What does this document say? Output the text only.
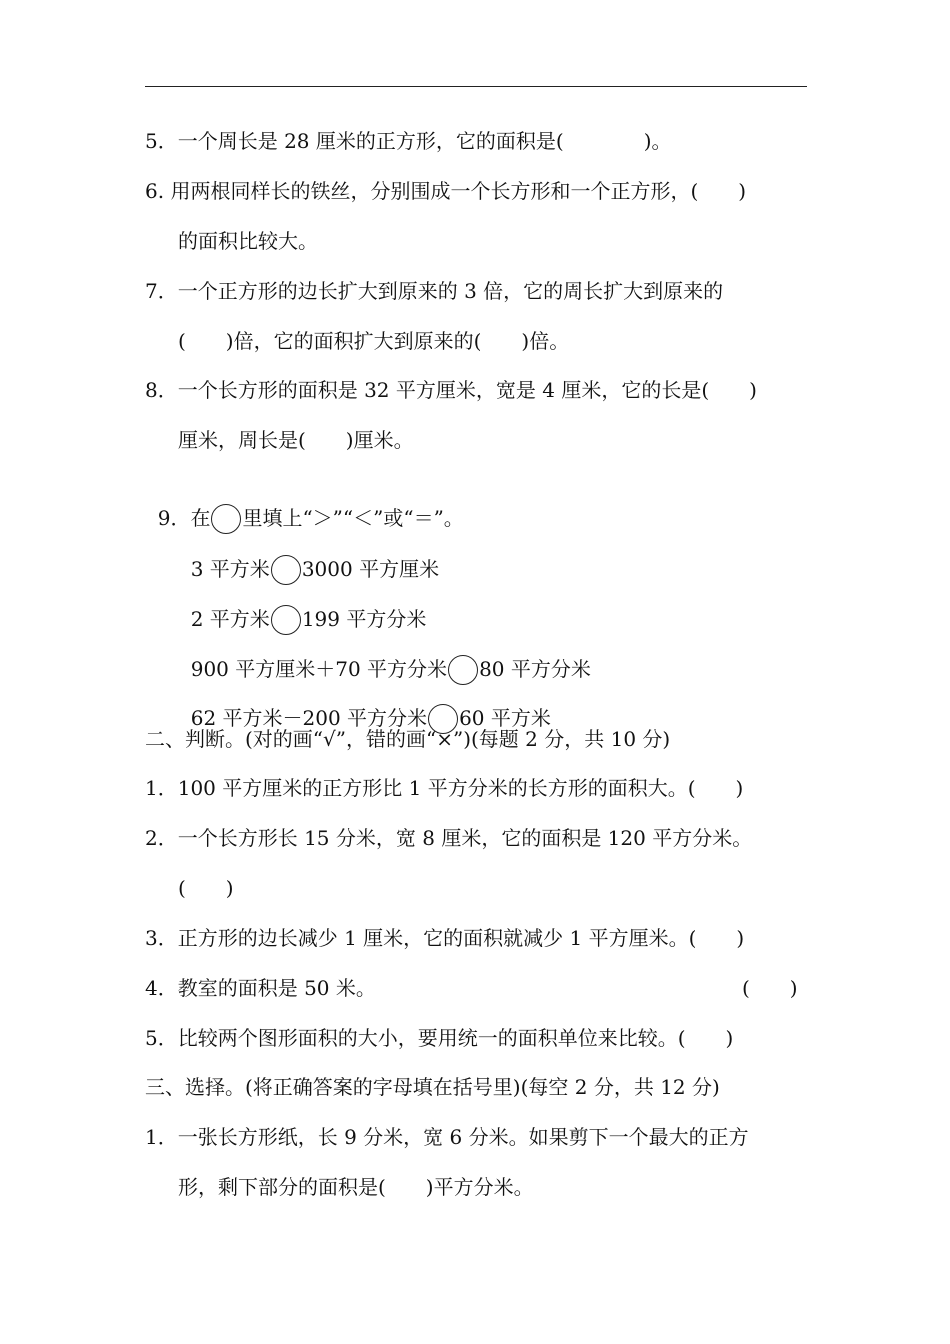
5．一个周长是 28 厘米的正方形，它的面积是(　　　　)。
6. 用两根同样长的铁丝，分别围成一个长方形和一个正方形，(　　)
的面积比较大。
7．一个正方形的边长扩大到原来的 3 倍，它的周长扩大到原来的
(　　)倍，它的面积扩大到原来的(　　)倍。
8．一个长方形的面积是 32 平方厘米，宽是 4 厘米，它的长是(　　)
厘米，周长是(　　)厘米。

9．在 里填上“＞”“＜”或“＝”。

3 平方米 3000 平方厘米

2 平方米 199 平方分米

900 平方厘米＋70 平方分米 80 平方分米

62 平方米－200 平方分米 60 平方米

二、判断。(对的画“√”，错的画“×”)(每题 2 分，共 10 分)
1．100 平方厘米的正方形比 1 平方分米的长方形的面积大。(　　)
2．一个长方形长 15 分米，宽 8 厘米，它的面积是 120 平方分米。
(　　)
3．正方形的边长减少 1 厘米，它的面积就减少 1 平方厘米。(　　)
4．教室的面积是 50 米。	(　　)
5．比较两个图形面积的大小，要用统一的面积单位来比较。(　　)
三、选择。(将正确答案的字母填在括号里)(每空 2 分，共 12 分)
1．一张长方形纸，长 9 分米，宽 6 分米。如果剪下一个最大的正方
形，剩下部分的面积是(　　)平方分米。
